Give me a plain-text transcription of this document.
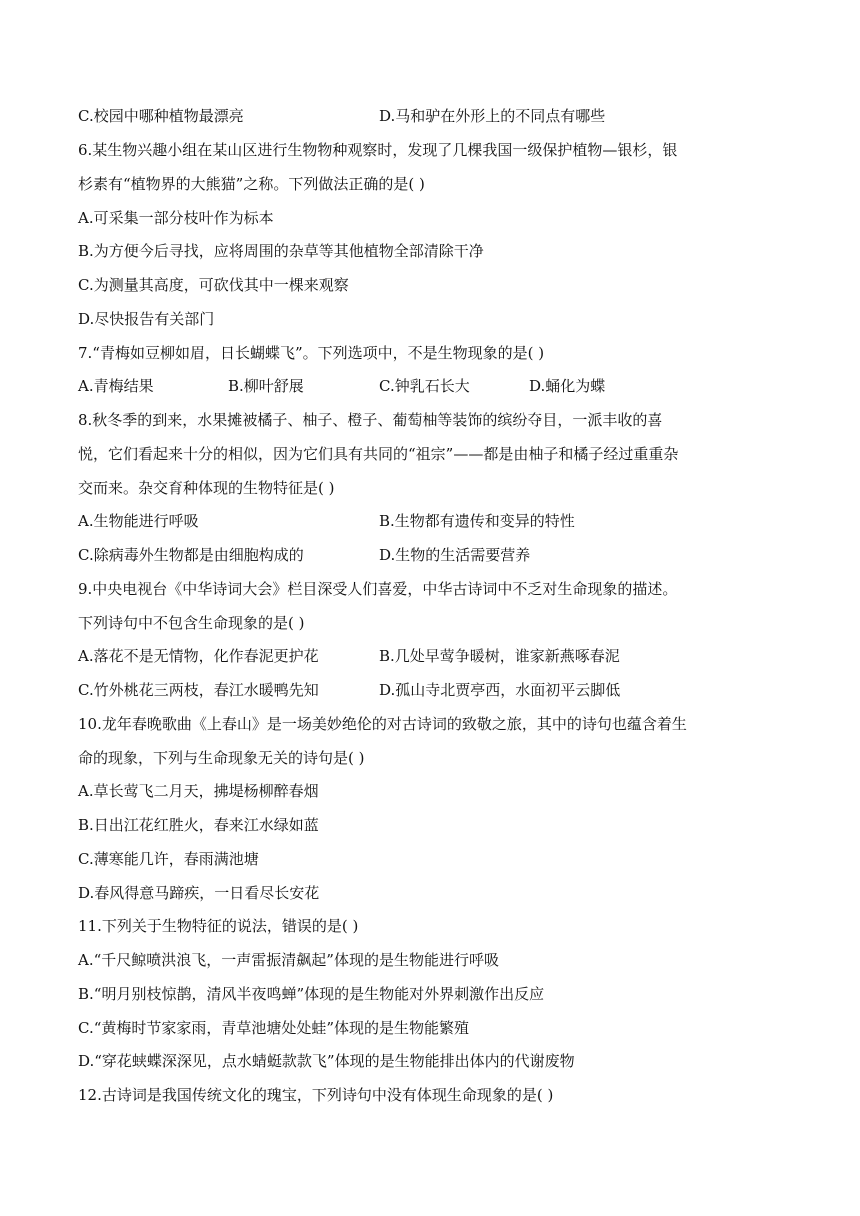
C.校园中哪种植物最漂亮	D.马和驴在外形上的不同点有哪些
6.某生物兴趣小组在某山区进行生物物种观察时，发现了几棵我国一级保护植物—银杉，银
杉素有“植物界的大熊猫”之称。下列做法正确的是( )
A.可采集一部分枝叶作为标本
B.为方便今后寻找，应将周围的杂草等其他植物全部清除干净
C.为测量其高度，可砍伐其中一棵来观察
D.尽快报告有关部门
7.“青梅如豆柳如眉，日长蝴蝶飞”。下列选项中，不是生物现象的是( )
A.青梅结果	B.柳叶舒展	C.钟乳石长大	D.蛹化为蝶
8.秋冬季的到来，水果摊被橘子、柚子、橙子、葡萄柚等装饰的缤纷夺目，一派丰收的喜
悦，它们看起来十分的相似，因为它们具有共同的“祖宗”——都是由柚子和橘子经过重重杂
交而来。杂交育种体现的生物特征是( )
A.生物能进行呼吸	B.生物都有遗传和变异的特性
C.除病毒外生物都是由细胞构成的	D.生物的生活需要营养
9.中央电视台《中华诗词大会》栏目深受人们喜爱，中华古诗词中不乏对生命现象的描述。
下列诗句中不包含生命现象的是( )
A.落花不是无情物，化作春泥更护花	B.几处早莺争暖树，谁家新燕啄春泥
C.竹外桃花三两枝，春江水暖鸭先知	D.孤山寺北贾亭西，水面初平云脚低
10.龙年春晚歌曲《上春山》是一场美妙绝伦的对古诗词的致敬之旅，其中的诗句也蕴含着生
命的现象，下列与生命现象无关的诗句是( )
A.草长莺飞二月天，拂堤杨柳醉春烟
B.日出江花红胜火，春来江水绿如蓝
C.薄寒能几许，春雨满池塘
D.春风得意马蹄疾，一日看尽长安花
11.下列关于生物特征的说法，错误的是( )
A.“千尺鲸喷洪浪飞，一声雷振清飙起”体现的是生物能进行呼吸
B.“明月别枝惊鹊，清风半夜鸣蝉”体现的是生物能对外界刺激作出反应
C.“黄梅时节家家雨，青草池塘处处蛙”体现的是生物能繁殖
D.“穿花蛱蝶深深见，点水蜻蜓款款飞”体现的是生物能排出体内的代谢废物
12.古诗词是我国传统文化的瑰宝，下列诗句中没有体现生命现象的是( )
